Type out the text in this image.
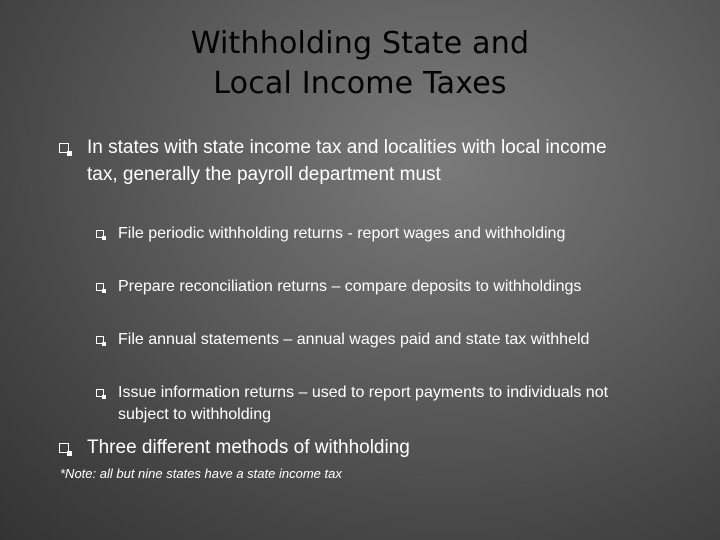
Withholding State and
Local Income Taxes
In states with state income tax and localities with local income tax, generally the payroll department must
File periodic withholding returns - report wages and withholding
Prepare reconciliation returns – compare deposits to withholdings
File annual statements – annual wages paid and state tax withheld
Issue information returns – used to report payments to individuals not subject to withholding
Three different methods of withholding
*Note: all but nine states have a state income tax
